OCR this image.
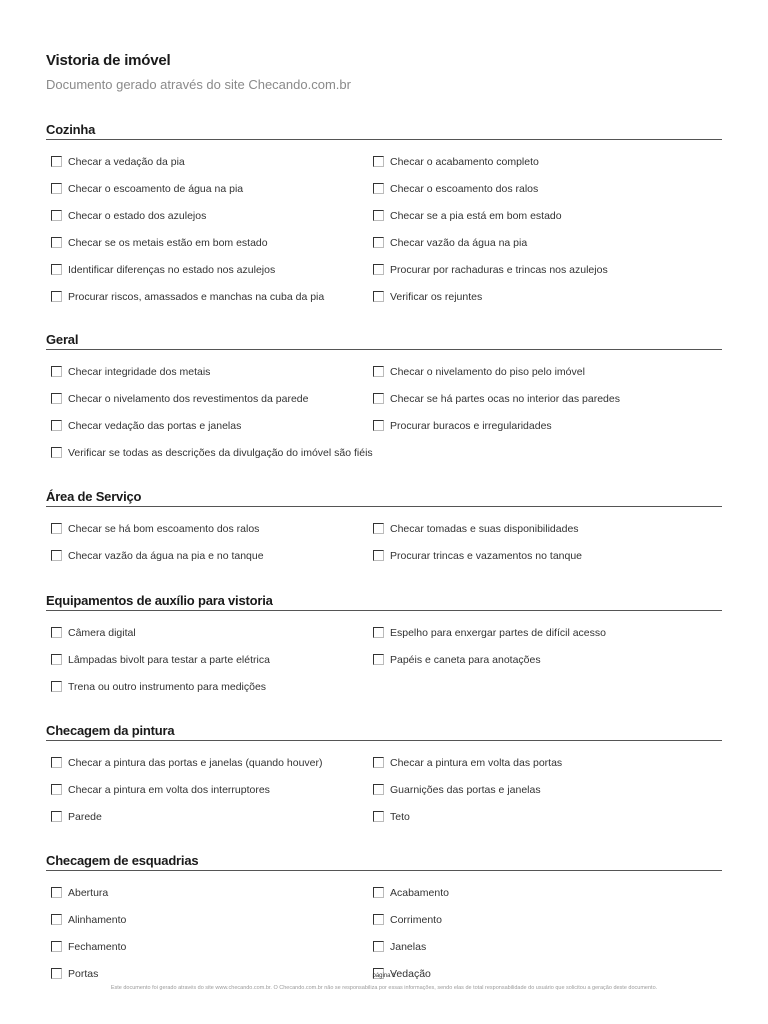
Vistoria de imóvel
Documento gerado através do site Checando.com.br
Cozinha
Checar a vedação da pia	Checar o acabamento completo
Checar o escoamento de água na pia	Checar o escoamento dos ralos
Checar o estado dos azulejos	Checar se a pia está em bom estado
Checar se os metais estão em bom estado	Checar vazão da água na pia
Identificar diferenças no estado nos azulejos	Procurar por rachaduras e trincas nos azulejos
Procurar riscos, amassados e manchas na cuba da pia	Verificar os rejuntes
Geral
Checar integridade dos metais	Checar o nivelamento do piso pelo imóvel
Checar o nivelamento dos revestimentos da parede	Checar se há partes ocas no interior das paredes
Checar vedação das portas e janelas	Procurar buracos e irregularidades
Verificar se todas as descrições da divulgação do imóvel são fiéis
Área de Serviço
Checar se há bom escoamento dos ralos	Checar tomadas e suas disponibilidades
Checar vazão da água na pia e no tanque	Procurar trincas e vazamentos no tanque
Equipamentos de auxílio para vistoria
Câmera digital	Espelho para enxergar partes de difícil acesso
Lâmpadas bivolt para testar a parte elétrica	Papéis e caneta para anotações
Trena ou outro instrumento para medições
Checagem da pintura
Checar a pintura das portas e janelas (quando houver)	Checar a pintura em volta das portas
Checar a pintura em volta dos interruptores	Guarnições das portas e janelas
Parede	Teto
Checagem de esquadrias
Abertura	Acabamento
Alinhamento	Corrimento
Fechamento	Janelas
Portas	Vedação
página 1
Este documento foi gerado através do site www.checando.com.br. O Checando.com.br não se responsabiliza por essas informações, sendo elas de total responsabilidade do usuário que solicitou a geração deste documento.
